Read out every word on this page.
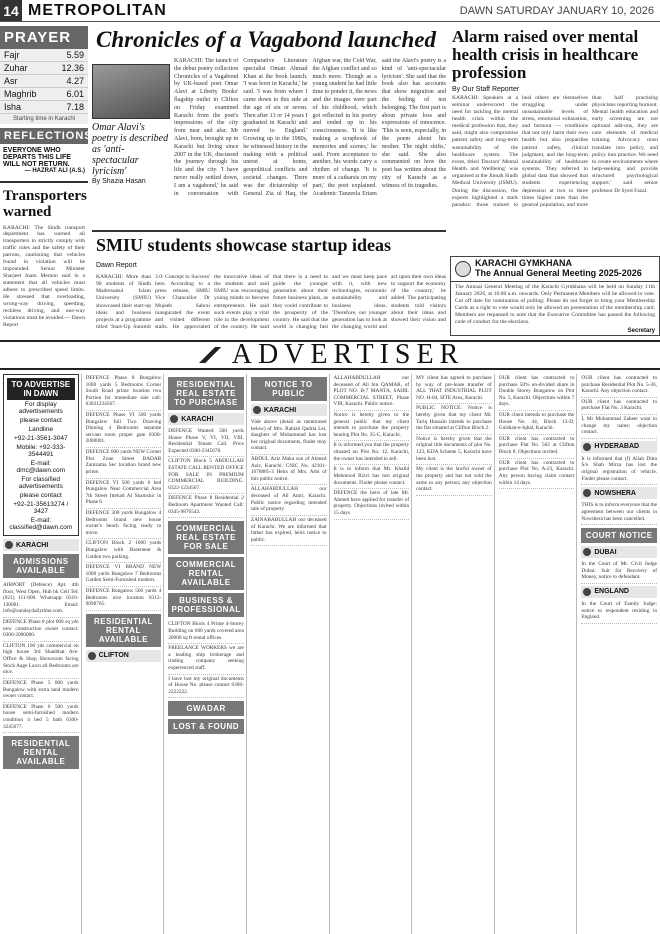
14 METROPOLITAN	DAWN SATURDAY JANUARY 10, 2026
PRAYER
Fajr	5.59
Zuhar	12.36
Asr	4.27
Maghrib	6.01
Isha	7.18
Starting time in Karachi
REFLECTIONS
EVERYONE WHO DEPARTS THIS LIFE WILL NOT RETURN.
— HAZRAT ALI (A.S.)
Transporters warned
KARACHI: The Sindh transport department has warned all transporters to strictly comply with traffic rules and the safety of their patrons, cautioning that vehicles found in violation will be impounded. Senior Minister Sharjeel Inam Memon said in a statement that all vehicles must adhere to prescribed speed limits. He stressed that overloading, wrong-way driving, speeding, reckless driving, and one-way violations must be avoided.— Dawn Report
Chronicles of a Vagabond launched
Omar Alavi's poetry is described as 'anti-spectacular lyricism'
By Shazia Hasan
KARACHI: The launch of the debut poetry collection Chronicles of a Vagabond by UK-based poet Omar Alavi at Liberty Books' flagship outlet in Clifton on Friday examined Karachi from the poet's impressions of the city from near and afar. Mr Alavi, born, brought up in Karachi but living since 2007 in the UK, discussed the journey through his life and the city. 'I have never really settled down, I am a vagabond,' he said in conversation with Comparative Literature specialist Omair Ahmad Khan at the book launch. 'I was born in Karachi,' he said. 'I was from where I came down to this side at the age of six or seven. Then after 13 or 14 years I graduated in Karachi and moved to England.' Growing up in the 1980s, he witnessed history in the making with a political unrest at home, geopolitical conflicts and societal changes. There was the dictatorship of General Zia ul Haq, the Afghan war, the Cold War, the Afghan conflict and so much more. Though as a young student he had little time to ponder it, the news and the images were part of his childhood, which got reflected in his poetry and ended up in his consciousness. 'It is like making a scrapbook of memories and scenes,' he said. From acceptance to another, his words carry a rhythm of change. 'It is more of a catharsis on my part,' the poet explained. Academic Tanzeela Ertam said the Alavi's poetry is a kind of 'anti-spectacular lyricism'. She said that the book also has accounts that show migration and the feeling of not belonging. The first part is about private loss and expressions of innocence. 'This is seen, especially, in the poem about his mother. The night shifts,' she said. She also commented on how the poet has written about the city of Karachi as a witness of its tragedies.
SMIU students showcase startup ideas
Dawn Report
KARACHI: More than 90 students of Sindh Madressatul Islam University (SMIU) showcased their start-up ideas and business projects at a programme titled 'Start-Up Summit 3.0: Concept to Success' here. According to a press release, SMIU Vice Chancellor Dr Mujeeb Sahrai inaugurated the event and visited different stalls. He appreciated the innovative ideas of the students and said SMIU was encouraging young minds to become entrepreneurs. He said such events play a vital role in the development of the country. He said that there is a need to guide the younger generation about their future business plans, as they could contribute to the prosperity of the country. He said that the world is changing fast and we must keep pace with it, with new technologies, economic sustainability and business ideas. 'Therefore, our younger generation has to look at the changing world and act upon their own ideas to support the economy of the country,' he added. The participating students told visitors about their ideas and showed their vision and
Alarm raised over mental health crisis in healthcare profession
By Our Staff Reporter
KARACHI: Speakers at a seminar underscored the need for tackling the mental health crisis within the medical profession that, they said, might also compromise patient safety and long-term sustainability of the healthcare system. The event, titled 'Doctors' Mental Health and Wellbeing' was organised at the Jinnah Sindh Medical University (JSMU). During the discussion, the experts highlighted a stark paradox: those trained to heal others are themselves struggling under unsustainable levels of stress, emotional exhaustion, and burnout — conditions that not only harm their own health but also jeopardise patient safety, clinical judgment, and the long-term sustainability of healthcare systems. They referred to global data that showed that students experiencing depression at two to three times higher rates than the general population, and more than half practising physicians reporting burnout. Mental health education and early screening are not optional add-ons, they are core elements of medical training. Advocacy must translate into policy, and policy into practice. We need to create environments where help-seeking and provide structured psychological support,' said senior professor Dr Syed Fazal.
KARACHI GYMKHANA
The Annual General Meeting 2025-2026
The Annual General Meeting of the Karachi Gymkhana will be held on Sunday 11th January 2026, at 10.00 a.m. onwards. Only Permanent Members will be allowed to vote. Cut off date for nomination of polling: Please do not forget to bring your Membership Cards as a right to vote would only be allowed on presentation of the membership card. Members are requested to note that the Executive Committee has passed the following code of conduct for the elections.
Secretary
ADVERTISER
TO ADVERTISE IN DAWN
For display advertisements
please contact
Landline
+92-21-3561-3047
Mobile: +92-333-3544491
E-mail: dmc@dawn.com
For classified advertisements
please contact
+92-21-35613274 / 3427
E-mail: classified@dawn.com
KARACHI
ADMISSIONS AVAILABLE
AIRPORT (Defence) Apt. 4th floor, West Open, Hub bk Cell Tel: (021) 111-000. Whatsapp: 0316-130001. Email: info@sundaydailytime.com.
DEFENCE Phase 8 plot 600 sq yds new construction owner contact: 0300-2000000.
CLIFTON 100 yds commercial on high house 3rd Shanbhat Ave: Office & Shop Showroom facing Stock Aage Lawn all Bedrooms are nice.
DEFENCE Phase 5 800 yards Bungalow with extra land modern owner contact.
DEFENCE Phase 6 500 yards house semi-furnished modern condition 4 bed 5 bath 0300-3245677.
RESIDENTIAL RENTAL AVAILABLE
DEFENCE Phase 8 Bungalow 1000 yards 5 Bedrooms Corner South Road prime location two Portion for immediate sale call: 03021234567.
DEFENCE Phase VI 500 yards Bungalow full Two Drawing Dinning 4 Bedrooms separate servant room proper gate 0300-2000001.
DEFENCE 600 yards NEW Corner Plot Zone Street BADAR Zamzama Sec location brand new prime.
DEFENCE VI 500 yards 6 bed Bungalow Near Commercial Area 7th Street Ittehad Al Shamshir in Phase 6.
DEFENCE 300 yards Bungalow 4 Bedrooms brand new house owner's beach facing ready to move.
CLIFTON Block 2 1000 yards Bungalow with Basement & Garden two parking.
DEFENCE VI BRAND NEW 1000 yards Bungalow 7 Bedrooms Garden Semi-Furnished modern.
DEFENCE Bungalow 500 yards 4 Bedrooms nice location 0312-9098765.
RESIDENTIAL RENTAL AVAILABLE
CLIFTON
RESIDENTIAL REAL ESTATE TO PURCHASE
KARACHI
DEFENCE Wanted 500 yards House Phase V, VI, VII, VIII. Residential Tenant Call. Price Expected 0300-2345678.
CLIFTON Block 5 ABDULLAH ESTATE CALL RENTED OFFICE FOR SALE IN PREMIUM COMMERCIAL BUILDING. 0322-1234567.
DEFENCE Phase 8 Residential 2 Bedroom Apartment Wanted Call: 0345-9876543.
COMMERCIAL REAL ESTATE FOR SALE
COMMERCIAL RENTAL AVAILABLE
BUSINESS & PROFESSIONAL
CLIFTON Block 4 Prime 4-Storey Building on 600 yards covered area 20000 sq ft rental offices.
FREELANCE WORKERS we are a leading ship brokerage and trading company seeking experienced staff.
I have lost my original documents of House No. please contact 0300-2222222.
GWADAR
LOST & FOUND
NOTICE TO PUBLIC
KARACHI
Vide above (detail as mentioned below) of Mrs. Rabiah Qadria Lei, daughter of Mohammad has lost her original documents, finder may contact.
ABDUL Aziz Maka son of Ahmed Aziz, Karachi. CNIC No. 42101-1678885-3 Heirs of Mrs. Arbi of this public notice.
ALLAHABDULLAH our deceased of Ali Amir, Karachi. Public notice regarding intended sale of property.
ZAINABABULLAH our deceased of Karachi. We are informed that father has expired, heirs notice to public.
ALLAHABDULLAH our deceased of Ali bin QAMAR, of PLOT NO. B-7 MANTA, SAHIL COMMERCIAL STREET, Phase VIII, Karachi. Public notice.
Notice is hereby given to the general public that my client intends to purchase the property bearing Plot No. 35-C, Karachi.
It is informed you that the property situated on Plot No. 12, Karachi, the owner has intended to sell.
It is to inform that Mr. Khalid Mehmood Rizvi has lost original documents. Finder please contact.
DEFENCE the heirs of late Mr. Ahmed have applied for transfer of property. Objections invited within 15 days.
MY client has agreed to purchase by way of pre-lease transfer of ALL THAT INDUSTRIAL PLOT NO. H-04, SITE Area, Karachi.
PUBLIC NOTICE: Notice is hereby given that my client Mr. Tariq Hussain intends to purchase the flat situated at Clifton Block 2.
Notice is hereby given that the original title documents of plot No. 123, KDA Scheme 5, Karachi have been lost.
My client is the lawful owner of the property and has not sold the same to any person; any objection contact.
OUR client has contracted to purchase 50% un-divided share in Double Storey Bungalow on Plot No. 5, Karachi. Objections within 7 days.
OUR client intends to purchase the House No. 44, Block 13-D, Gulshan-e-Iqbal, Karachi.
OUR client has contracted to purchase Flat No. 502 at Clifton Block 8. Objections invited.
OUR client has contracted to purchase Plot No. A-23, Karachi. Any person having claim contact within 14 days.
OUR client has contracted to purchase Residential Plot No. 5-36, Karachi. Any objection contact.
OUR client has contracted to purchase Flat No. 3 Karachi.
I, Mr Muhammad Zaheer want to change my name; objection contact.
HYDERABAD
It is informed that (f) Allah Ditta S/o Shah Mirza has lost the original registration of vehicle. Finder please contact.
NOWSHERA
THIS is to inform everyone that the agreement between our clients in Nowshera has been cancelled.
COURT NOTICE
DUBAI
In the Court of Mr. Civil Judge Dubai: Suit for Recovery of Money, notice to defendant.
ENGLAND
In the Court of Family Judge: notice to respondent residing in England.
